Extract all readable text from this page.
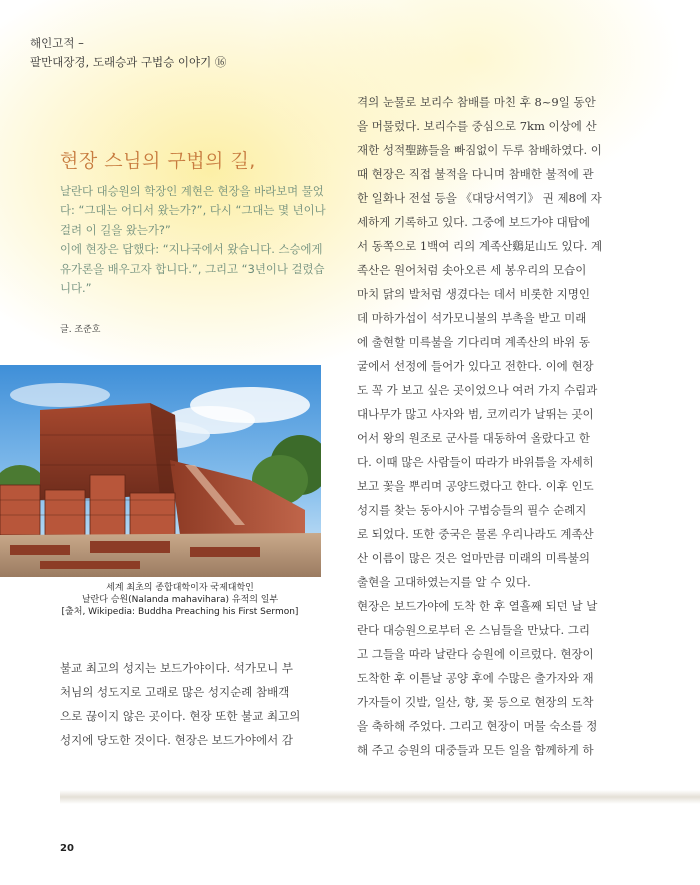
해인고적 –
팔만대장경, 도래승과 구법승 이야기 ⑯
현장 스님의 구법의 길,

날란다 대승원의 학장인 계현은 현장을 바라보며 물었다: “그대는 어디서 왔는가?”, 다시 “그대는 몇 년이나 걸려 이 길을 왔는가?”

이에 현장은 답했다: “지나국에서 왔습니다. 스승에게 유가론을 배우고자 합니다.”, 그리고 “3년이나 걸렸습니다.”

글. 조준호
세계 최초의 종합대학이자 국제대학인
날란다 승원(Nalanda mahavihara) 유적의 일부
[출처, Wikipedia: Buddha Preaching his First Sermon]
불교 최고의 성지는 보드가야이다. 석가모니 부
처님의 성도지로 고래로 많은 성지순례 참배객
으로 끊이지 않은 곳이다. 현장 또한 불교 최고의
성지에 당도한 것이다. 현장은 보드가야에서 감
격의 눈물로 보리수 참배를 마친 후 8~9일 동안
을 머물렀다. 보리수를 중심으로 7km 이상에 산
재한 성적聖跡들을 빠짐없이 두루 참배하였다. 이
때 현장은 직접 불적을 다니며 참배한 불적에 관
한 일화나 전설 등을 《대당서역기》 권 제8에 자
세하게 기록하고 있다. 그중에 보드가야 대탑에
서 동쪽으로 1백여 리의 계족산鷄足山도 있다. 계
족산은 원어처럼 솟아오른 세 봉우리의 모습이
마치 닭의 발처럼 생겼다는 데서 비롯한 지명인
데 마하가섭이 석가모니불의 부촉을 받고 미래
에 출현할 미륵불을 기다리며 계족산의 바위 동
굴에서 선정에 들어가 있다고 전한다. 이에 현장
도 꼭 가 보고 싶은 곳이었으나 여러 가지 수림과
대나무가 많고 사자와 범, 코끼리가 날뛰는 곳이
어서 왕의 원조로 군사를 대동하여 올랐다고 한
다. 이때 많은 사람들이 따라가 바위틈을 자세히
보고 꽃을 뿌리며 공양드렸다고 한다. 이후 인도
성지를 찾는 동아시아 구법승들의 필수 순례지
로 되었다. 또한 중국은 물론 우리나라도 계족산
산 이름이 많은 것은 얼마만큼 미래의 미륵불의
출현을 고대하였는지를 알 수 있다.
현장은 보드가야에 도착 한 후 열흘째 되던 날 날
란다 대승원으로부터 온 스님들을 만났다. 그리
고 그들을 따라 날란다 승원에 이르렀다. 현장이
도착한 후 이튿날 공양 후에 수많은 출가자와 재
가자들이 깃발, 일산, 향, 꽃 등으로 현장의 도착
을 축하해 주었다. 그리고 현장이 머물 숙소를 정
해 주고 승원의 대중들과 모든 일을 함께하게 하
20
